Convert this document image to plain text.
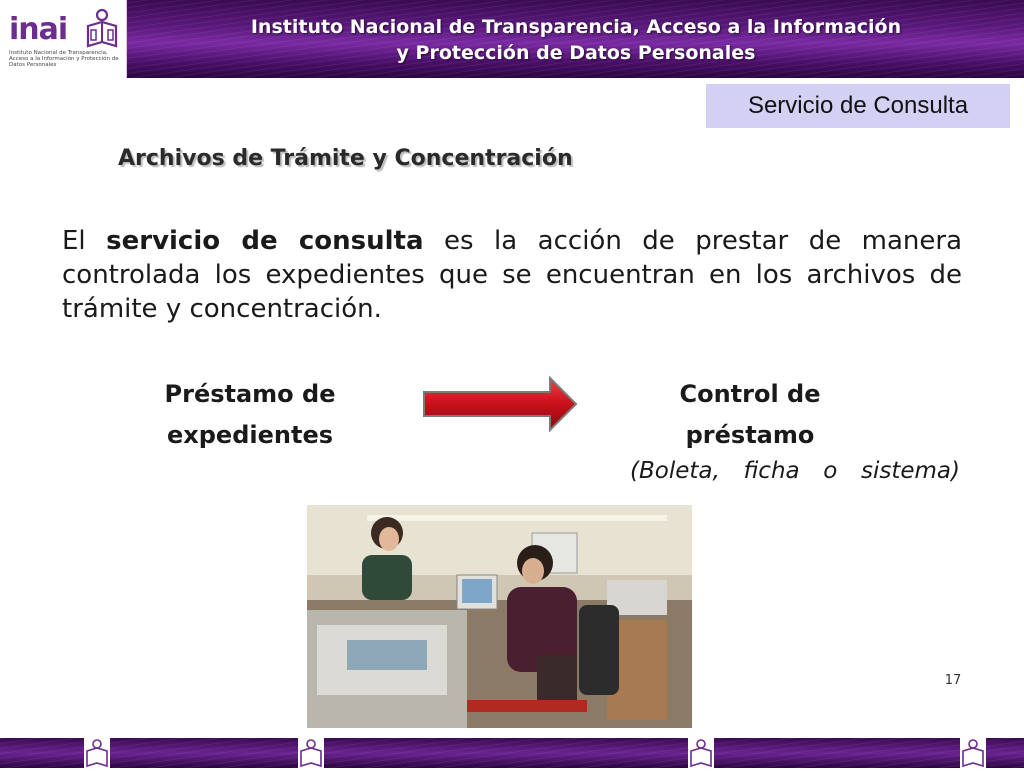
inai
Instituto Nacional de Transparencia, Acceso a la Información y Protección de Datos Personales
Instituto Nacional de Transparencia, Acceso a la Información
y Protección de Datos Personales
Servicio de Consulta
Archivos de Trámite y Concentración
El servicio de consulta es la acción de prestar de manera controlada los expedientes que se encuentran en los archivos de trámite y concentración.
Préstamo de
expedientes
Control de
préstamo
(Boleta, ficha o sistema)
17
